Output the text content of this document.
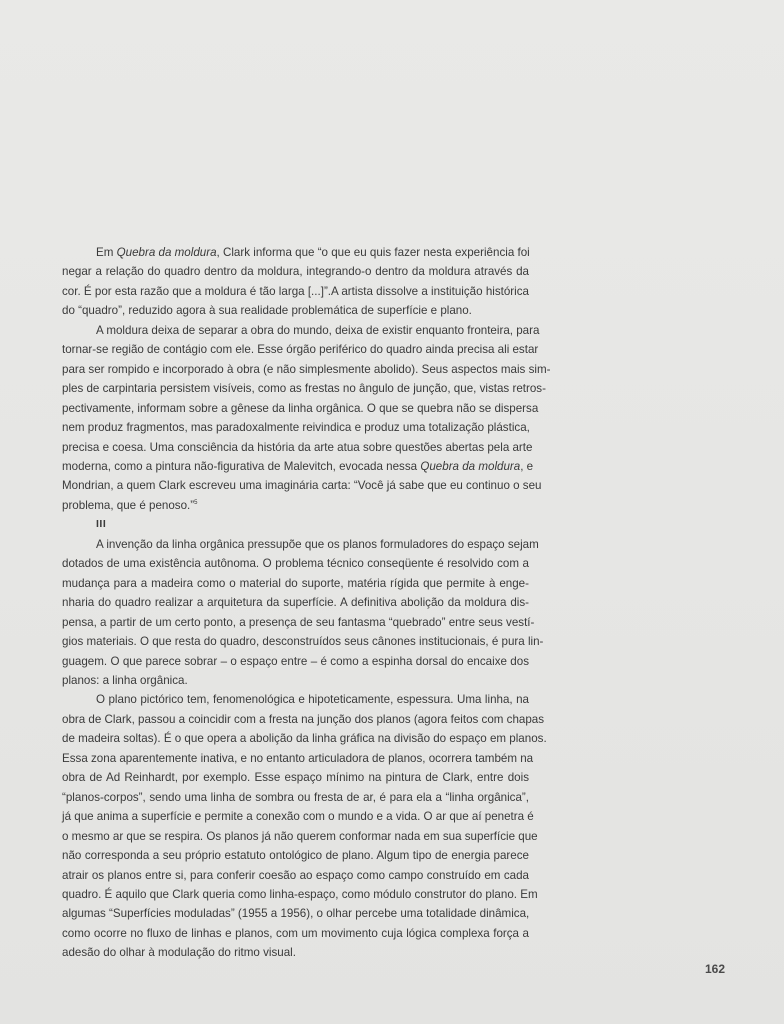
Em Quebra da moldura, Clark informa que “o que eu quis fazer nesta experiência foi
negar a relação do quadro dentro da moldura, integrando-o dentro da moldura através da
cor. É por esta razão que a moldura é tão larga [...]”.A artista dissolve a instituição histórica
do “quadro”, reduzido agora à sua realidade problemática de superfície e plano.
A moldura deixa de separar a obra do mundo, deixa de existir enquanto fronteira, para
tornar-se região de contágio com ele. Esse órgão periférico do quadro ainda precisa ali estar
para ser rompido e incorporado à obra (e não simplesmente abolido). Seus aspectos mais sim-
ples de carpintaria persistem visíveis, como as frestas no ângulo de junção, que, vistas retros-
pectivamente, informam sobre a gênese da linha orgânica. O que se quebra não se dispersa
nem produz fragmentos, mas paradoxalmente reivindica e produz uma totalização plástica,
precisa e coesa. Uma consciência da história da arte atua sobre questões abertas pela arte
moderna, como a pintura não-figurativa de Malevitch, evocada nessa Quebra da moldura, e
Mondrian, a quem Clark escreveu uma imaginária carta: “Você já sabe que eu continuo o seu
problema, que é penoso.”$^5$
III
A invenção da linha orgânica pressupõe que os planos formuladores do espaço sejam
dotados de uma existência autônoma. O problema técnico conseqüente é resolvido com a
mudança para a madeira como o material do suporte, matéria rígida que permite à enge-
nharia do quadro realizar a arquitetura da superfície. A definitiva abolição da moldura dis-
pensa, a partir de um certo ponto, a presença de seu fantasma “quebrado” entre seus vestí-
gios materiais. O que resta do quadro, desconstruídos seus cânones institucionais, é pura lin-
guagem. O que parece sobrar – o espaço entre – é como a espinha dorsal do encaixe dos
planos: a linha orgânica.
O plano pictórico tem, fenomenológica e hipoteticamente, espessura. Uma linha, na
obra de Clark, passou a coincidir com a fresta na junção dos planos (agora feitos com chapas
de madeira soltas). É o que opera a abolição da linha gráfica na divisão do espaço em planos.
Essa zona aparentemente inativa, e no entanto articuladora de planos, ocorrera também na
obra de Ad Reinhardt, por exemplo. Esse espaço mínimo na pintura de Clark, entre dois
“planos-corpos”, sendo uma linha de sombra ou fresta de ar, é para ela a “linha orgânica”,
já que anima a superfície e permite a conexão com o mundo e a vida. O ar que aí penetra é
o mesmo ar que se respira. Os planos já não querem conformar nada em sua superfície que
não corresponda a seu próprio estatuto ontológico de plano. Algum tipo de energia parece
atrair os planos entre si, para conferir coesão ao espaço como campo construído em cada
quadro. É aquilo que Clark queria como linha-espaço, como módulo construtor do plano. Em
algumas “Superfícies moduladas” (1955 a 1956), o olhar percebe uma totalidade dinâmica,
como ocorre no fluxo de linhas e planos, com um movimento cuja lógica complexa força a
adesão do olhar à modulação do ritmo visual.
162
